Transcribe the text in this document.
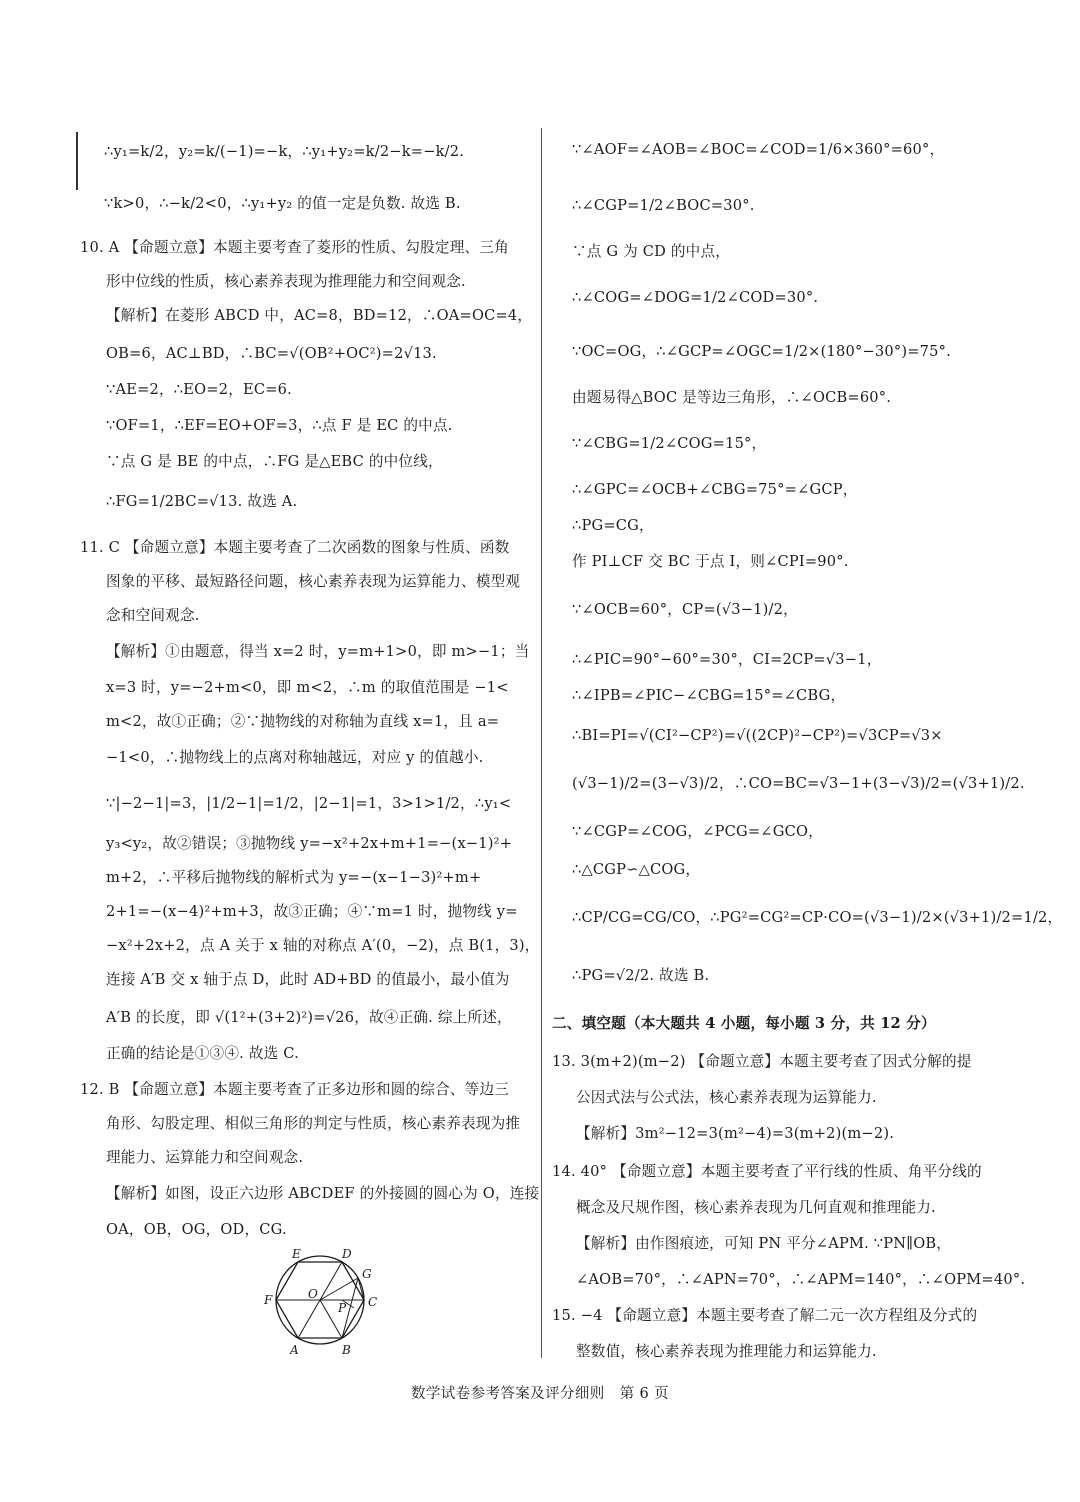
∴y₁=k/2，y₂=k/(−1)=−k，∴y₁+y₂=k/2−k=−k/2.
∵k>0，∴−k/2<0，∴y₁+y₂ 的值一定是负数. 故选 B.
10. A 【命题立意】本题主要考查了菱形的性质、勾股定理、三角
形中位线的性质，核心素养表现为推理能力和空间观念.
【解析】在菱形 ABCD 中，AC=8，BD=12，∴OA=OC=4，
OB=6，AC⊥BD，∴BC=√(OB²+OC²)=2√13.
∵AE=2，∴EO=2，EC=6.
∵OF=1，∴EF=EO+OF=3，∴点 F 是 EC 的中点.
∵点 G 是 BE 的中点，∴FG 是△EBC 的中位线，
∴FG=1/2BC=√13. 故选 A.
11. C 【命题立意】本题主要考查了二次函数的图象与性质、函数
图象的平移、最短路径问题，核心素养表现为运算能力、模型观
念和空间观念.
【解析】①由题意，得当 x=2 时，y=m+1>0，即 m>−1；当
x=3 时，y=−2+m<0，即 m<2，∴m 的取值范围是 −1<
m<2，故①正确；②∵抛物线的对称轴为直线 x=1，且 a=
−1<0，∴抛物线上的点离对称轴越远，对应 y 的值越小.
∵|−2−1|=3，|1/2−1|=1/2，|2−1|=1，3>1>1/2，∴y₁<
y₃<y₂，故②错误；③抛物线 y=−x²+2x+m+1=−(x−1)²+
m+2，∴平移后抛物线的解析式为 y=−(x−1−3)²+m+
2+1=−(x−4)²+m+3，故③正确；④∵m=1 时，抛物线 y=
−x²+2x+2，点 A 关于 x 轴的对称点 A′(0，−2)，点 B(1，3)，
连接 A′B 交 x 轴于点 D，此时 AD+BD 的值最小，最小值为
A′B 的长度，即 √(1²+(3+2)²)=√26，故④正确. 综上所述，
正确的结论是①③④. 故选 C.
12. B 【命题立意】本题主要考查了正多边形和圆的综合、等边三
角形、勾股定理、相似三角形的判定与性质，核心素养表现为推
理能力、运算能力和空间观念.
【解析】如图，设正六边形 ABCDEF 的外接圆的圆心为 O，连接
OA，OB，OG，OD，CG.
∵∠AOF=∠AOB=∠BOC=∠COD=1/6×360°=60°，
∴∠CGP=1/2∠BOC=30°.
∵点 G 为 CD 的中点，
∴∠COG=∠DOG=1/2∠COD=30°.
∵OC=OG，∴∠GCP=∠OGC=1/2×(180°−30°)=75°.
由题易得△BOC 是等边三角形，∴∠OCB=60°.
∵∠CBG=1/2∠COG=15°，
∴∠GPC=∠OCB+∠CBG=75°=∠GCP，
∴PG=CG，
作 PI⊥CF 交 BC 于点 I，则∠CPI=90°.
∵∠OCB=60°，CP=(√3−1)/2，
∴∠PIC=90°−60°=30°，CI=2CP=√3−1，
∴∠IPB=∠PIC−∠CBG=15°=∠CBG，
∴BI=PI=√(CI²−CP²)=√((2CP)²−CP²)=√3CP=√3×
(√3−1)/2=(3−√3)/2，∴CO=BC=√3−1+(3−√3)/2=(√3+1)/2.
∵∠CGP=∠COG，∠PCG=∠GCO，
∴△CGP∽△COG，
∴CP/CG=CG/CO，∴PG²=CG²=CP·CO=(√3−1)/2×(√3+1)/2=1/2，
∴PG=√2/2. 故选 B.
二、填空题（本大题共 4 小题，每小题 3 分，共 12 分）
13. 3(m+2)(m−2) 【命题立意】本题主要考查了因式分解的提
公因式法与公式法，核心素养表现为运算能力.
【解析】3m²−12=3(m²−4)=3(m+2)(m−2).
14. 40° 【命题立意】本题主要考查了平行线的性质、角平分线的
概念及尺规作图，核心素养表现为几何直观和推理能力.
【解析】由作图痕迹，可知 PN 平分∠APM. ∵PN∥OB，
∠AOB=70°，∴∠APN=70°，∴∠APM=140°，∴∠OPM=40°.
15. −4 【命题立意】本题主要考查了解二元一次方程组及分式的
整数值，核心素养表现为推理能力和运算能力.
E	D
G
F	O
P C
A	B
数学试卷参考答案及评分细则　第 6 页
